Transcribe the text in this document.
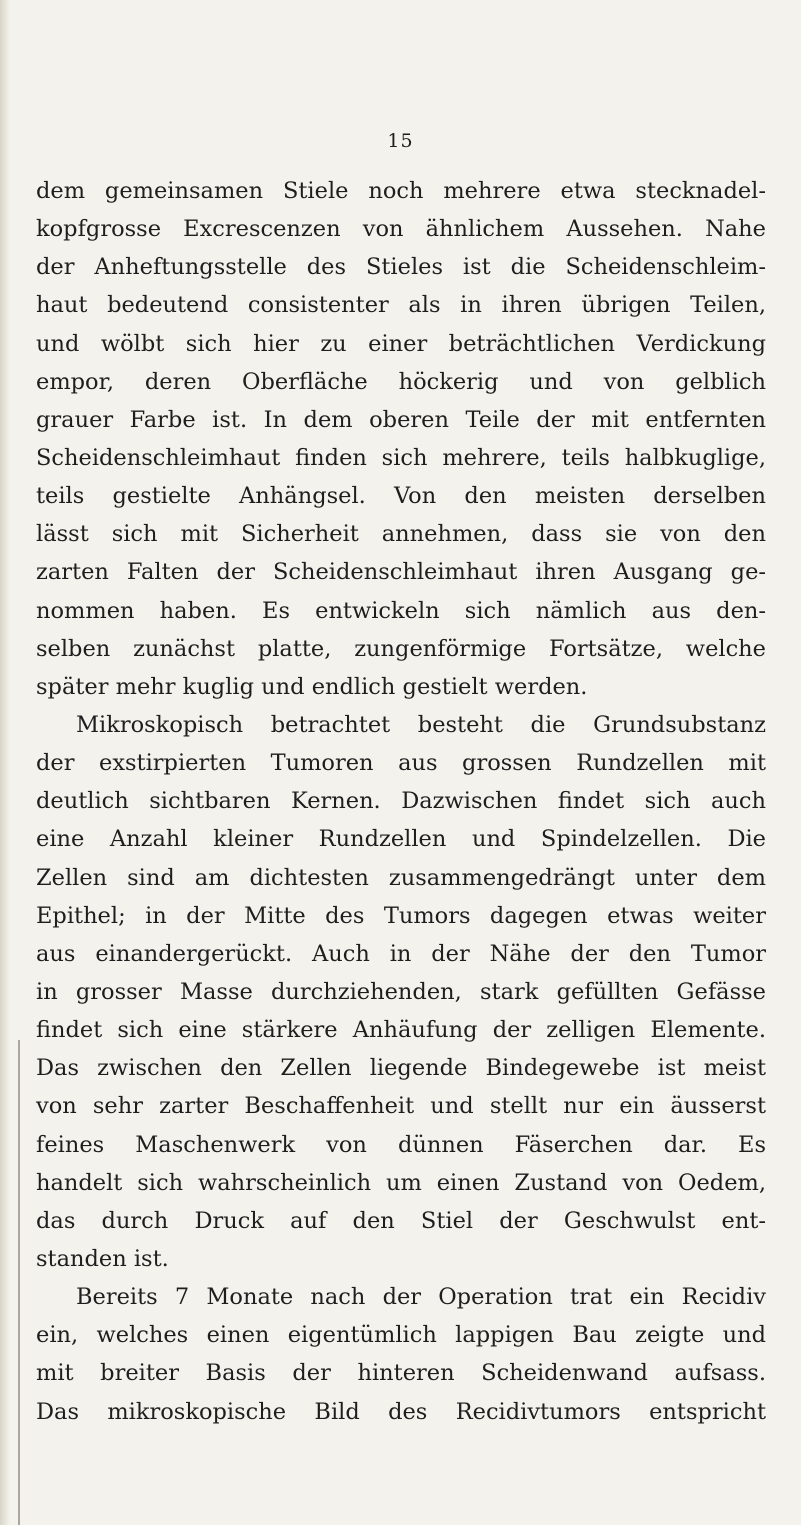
15
dem gemeinsamen Stiele noch mehrere etwa stecknadel-
kopfgrosse Excrescenzen von ähnlichem Aussehen. Nahe
der Anheftungsstelle des Stieles ist die Scheidenschleim-
haut bedeutend consistenter als in ihren übrigen Teilen,
und wölbt sich hier zu einer beträchtlichen Verdickung
empor, deren Oberfläche höckerig und von gelblich
grauer Farbe ist. In dem oberen Teile der mit entfernten
Scheidenschleimhaut finden sich mehrere, teils halbkuglige,
teils gestielte Anhängsel. Von den meisten derselben
lässt sich mit Sicherheit annehmen, dass sie von den
zarten Falten der Scheidenschleimhaut ihren Ausgang ge-
nommen haben. Es entwickeln sich nämlich aus den-
selben zunächst platte, zungenförmige Fortsätze, welche
später mehr kuglig und endlich gestielt werden.
Mikroskopisch betrachtet besteht die Grundsubstanz
der exstirpierten Tumoren aus grossen Rundzellen mit
deutlich sichtbaren Kernen. Dazwischen findet sich auch
eine Anzahl kleiner Rundzellen und Spindelzellen. Die
Zellen sind am dichtesten zusammengedrängt unter dem
Epithel; in der Mitte des Tumors dagegen etwas weiter
aus einandergerückt. Auch in der Nähe der den Tumor
in grosser Masse durchziehenden, stark gefüllten Gefässe
findet sich eine stärkere Anhäufung der zelligen Elemente.
Das zwischen den Zellen liegende Bindegewebe ist meist
von sehr zarter Beschaffenheit und stellt nur ein äusserst
feines Maschenwerk von dünnen Fäserchen dar. Es
handelt sich wahrscheinlich um einen Zustand von Oedem,
das durch Druck auf den Stiel der Geschwulst ent-
standen ist.
Bereits 7 Monate nach der Operation trat ein Recidiv
ein, welches einen eigentümlich lappigen Bau zeigte und
mit breiter Basis der hinteren Scheidenwand aufsass.
Das mikroskopische Bild des Recidivtumors entspricht
